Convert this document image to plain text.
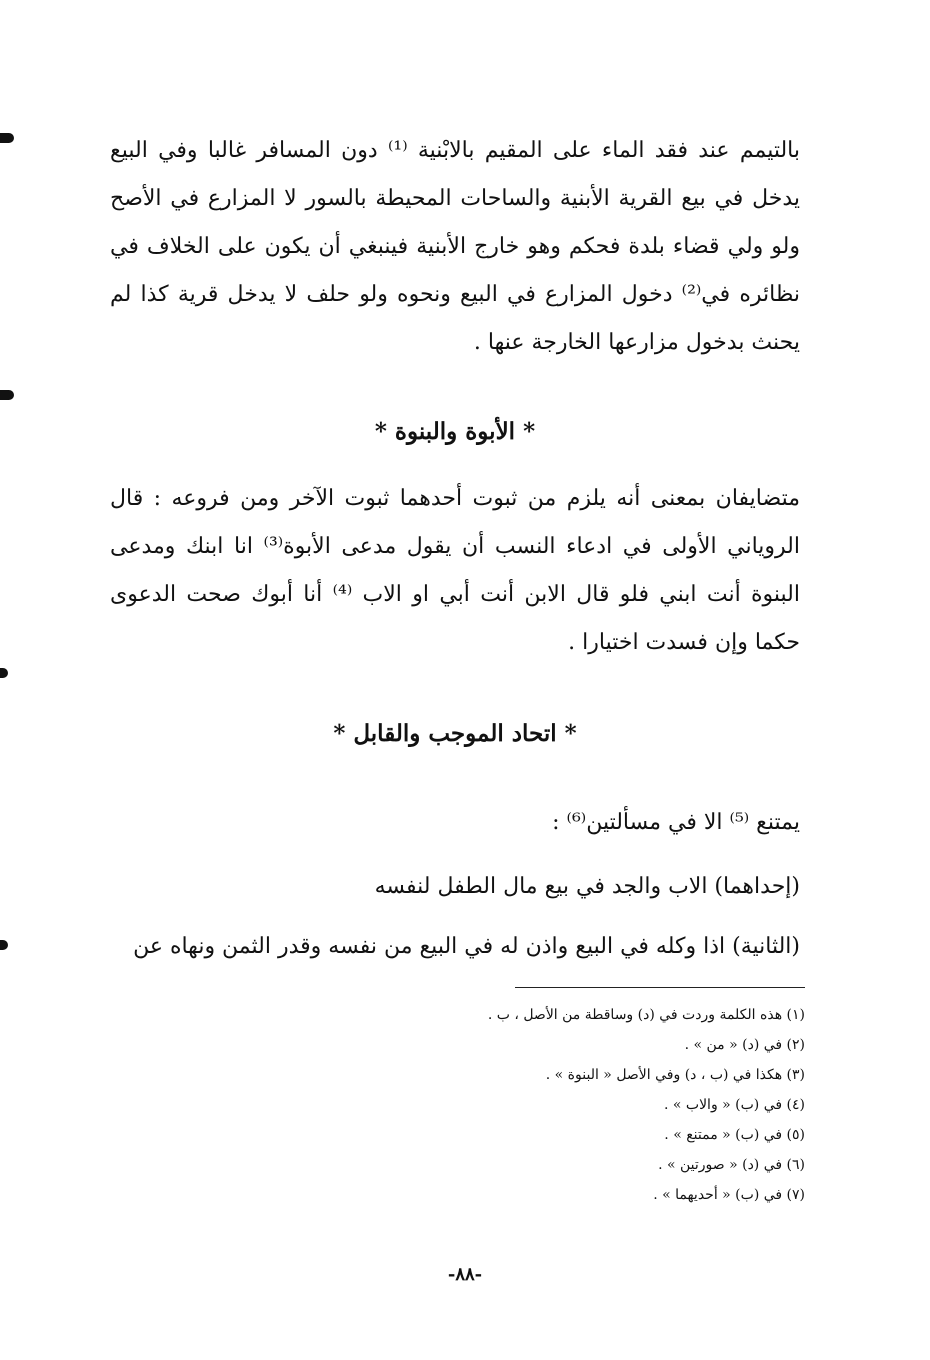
بالتيمم عند فقد الماء على المقيم بالابْنية ⁽¹⁾ دون المسافر غالبا وفي البيع يدخل في بيع القرية الأبنية والساحات المحيطة بالسور لا المزارع في الأصح ولو ولي قضاء بلدة فحكم وهو خارج الأبنية فينبغي أن يكون على الخلاف في نظائره في⁽²⁾ دخول المزارع في البيع ونحوه ولو حلف لا يدخل قرية كذا لم يحنث بدخول مزارعها الخارجة عنها .
* الأبوة والبنوة *
متضايفان بمعنى أنه يلزم من ثبوت أحدهما ثبوت الآخر ومن فروعه : قال الروياني الأولى في ادعاء النسب أن يقول مدعى الأبوة⁽³⁾ انا ابنك ومدعى البنوة أنت ابني فلو قال الابن أنت أبي او الاب ⁽⁴⁾ أنا أبوك صحت الدعوى حكما وإن فسدت اختيارا .
* اتحاد الموجب والقابل *
يمتنع ⁽⁵⁾ الا في مسألتين⁽⁶⁾ :
(إحداهما) الاب والجد في بيع مال الطفل لنفسه
(الثانية) اذا وكله في البيع واذن له في البيع من نفسه وقدر الثمن ونهاه عن
(١) هذه الكلمة وردت في (د) وساقطة من الأصل ، ب .
(٢) في (د) « من » .
(٣) هكذا في (ب ، د) وفي الأصل « البنوة » .
(٤) في (ب) « والاب » .
(٥) في (ب) « ممتنع » .
(٦) في (د) « صورتين » .
(٧) في (ب) « أحديهما » .
-٨٨-
